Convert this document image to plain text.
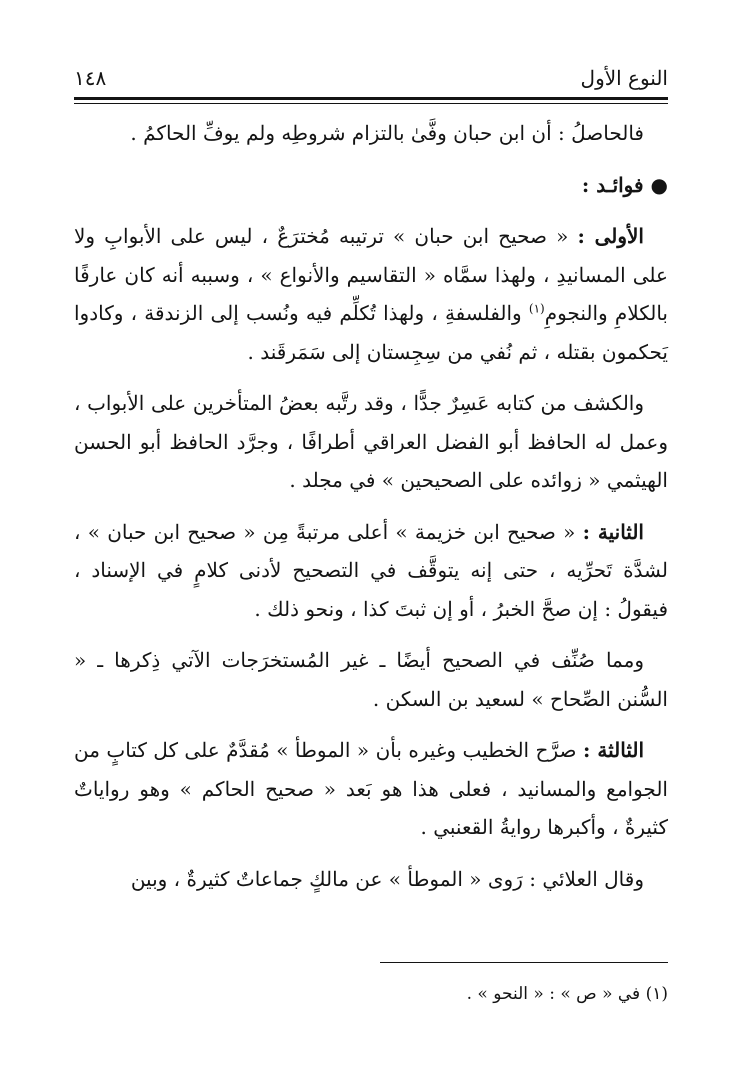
النوع الأول
١٤٨

فالحاصلُ : أن ابن حبان وفَّىٰ بالتزام شروطِه ولم يوفِّ الحاكمُ .

● فوائـد :

الأولى : « صحيح ابن حبان » ترتيبه مُخترَعٌ ، ليس على الأبوابِ ولا على المسانيدِ ، ولهذا سمَّاه « التقاسيم والأنواع » ، وسببه أنه كان عارفًا بالكلامِ والنجومِ$^{(١)}$ والفلسفةِ ، ولهذا تُكلِّم فيه ونُسب إلى الزندقة ، وكادوا يَحكمون بقتله ، ثم نُفي من سِجِستان إلى سَمَرقَند .

والكشف من كتابه عَسِرٌ جدًّا ، وقد رتَّبه بعضُ المتأخرين على الأبواب ، وعمل له الحافظ أبو الفضل العراقي أطرافًا ، وجرَّد الحافظ أبو الحسن الهيثمي « زوائده على الصحيحين » في مجلد .

الثانية : « صحيح ابن خزيمة » أعلى مرتبةً مِن « صحيح ابن حبان » ، لشدَّة تَحرِّيه ، حتى إنه يتوقَّف في التصحيح لأدنى كلامٍ في الإسناد ، فيقولُ : إن صحَّ الخبرُ ، أو إن ثبتَ كذا ، ونحو ذلك .

ومما صُنِّف في الصحيح أيضًا ـ غير المُستخرَجات الآتي ذِكرها ـ « السُّنن الصِّحاح » لسعيد بن السكن .

الثالثة : صرَّح الخطيب وغيره بأن « الموطأ » مُقدَّمٌ على كل كتابٍ من الجوامع والمسانيد ، فعلى هذا هو بَعد « صحيح الحاكم » وهو رواياتٌ كثيرةٌ ، وأكبرها روايةُ القعنبي .

وقال العلائي : رَوى « الموطأ » عن مالكٍ جماعاتٌ كثيرةٌ ، وبين

(١) في « ص » : « النحو » .
